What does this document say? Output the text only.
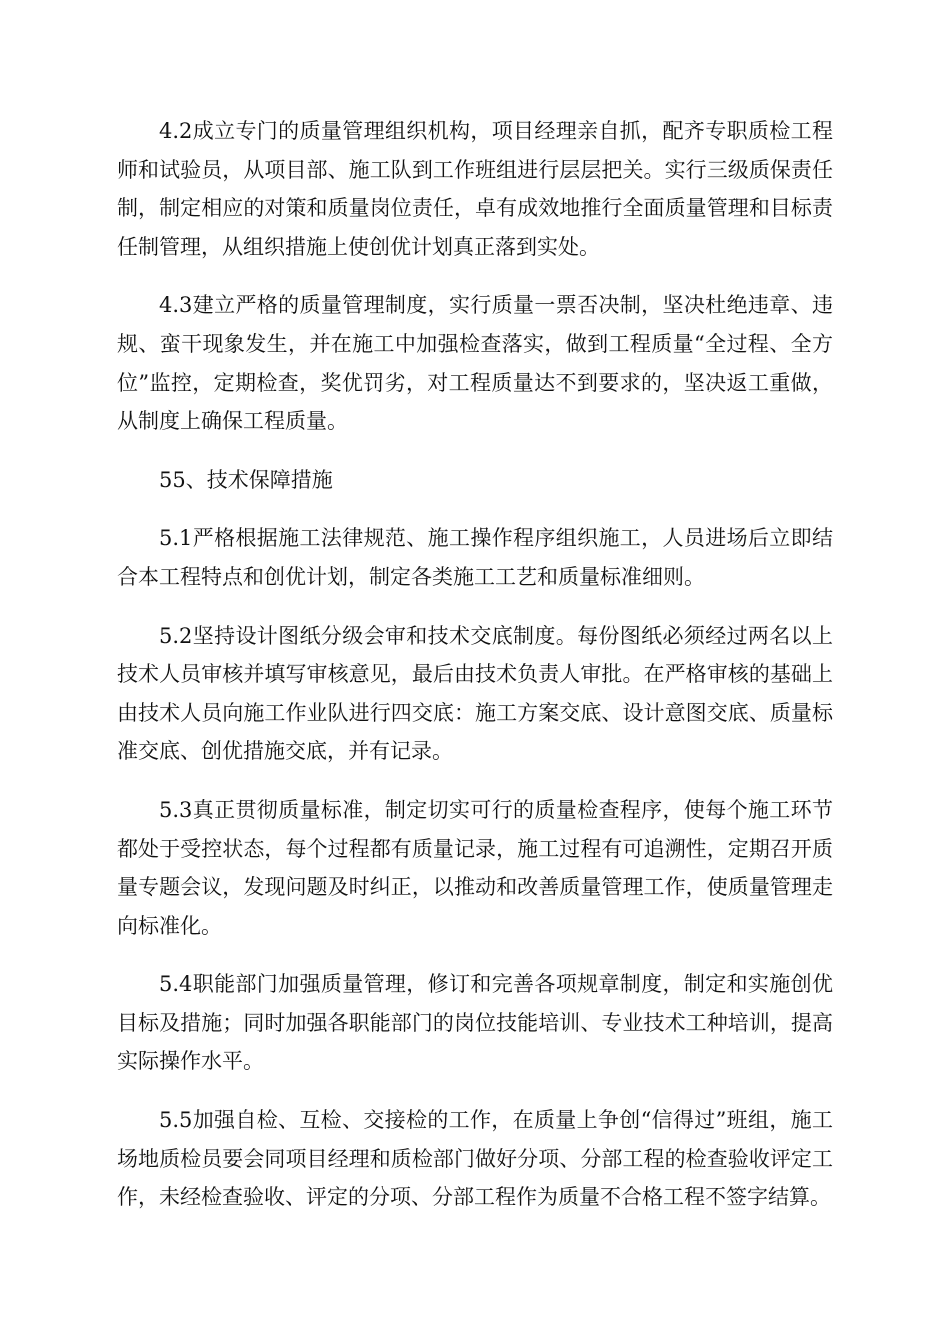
4.2成立专门的质量管理组织机构，项目经理亲自抓，配齐专职质检工程师和试验员，从项目部、施工队到工作班组进行层层把关。实行三级质保责任制，制定相应的对策和质量岗位责任，卓有成效地推行全面质量管理和目标责任制管理，从组织措施上使创优计划真正落到实处。

4.3建立严格的质量管理制度，实行质量一票否决制，坚决杜绝违章、违规、蛮干现象发生，并在施工中加强检查落实，做到工程质量“全过程、全方位”监控，定期检查，奖优罚劣，对工程质量达不到要求的，坚决返工重做，从制度上确保工程质量。

55、技术保障措施

5.1严格根据施工法律规范、施工操作程序组织施工，人员进场后立即结合本工程特点和创优计划，制定各类施工工艺和质量标准细则。

5.2坚持设计图纸分级会审和技术交底制度。每份图纸必须经过两名以上技术人员审核并填写审核意见，最后由技术负责人审批。在严格审核的基础上由技术人员向施工作业队进行四交底：施工方案交底、设计意图交底、质量标准交底、创优措施交底，并有记录。

5.3真正贯彻质量标准，制定切实可行的质量检查程序，使每个施工环节都处于受控状态，每个过程都有质量记录，施工过程有可追溯性，定期召开质量专题会议，发现问题及时纠正，以推动和改善质量管理工作，使质量管理走向标准化。

5.4职能部门加强质量管理，修订和完善各项规章制度，制定和实施创优目标及措施；同时加强各职能部门的岗位技能培训、专业技术工种培训，提高实际操作水平。

5.5加强自检、互检、交接检的工作，在质量上争创“信得过”班组，施工场地质检员要会同项目经理和质检部门做好分项、分部工程的检查验收评定工作，未经检查验收、评定的分项、分部工程作为质量不合格工程不签字结算。
